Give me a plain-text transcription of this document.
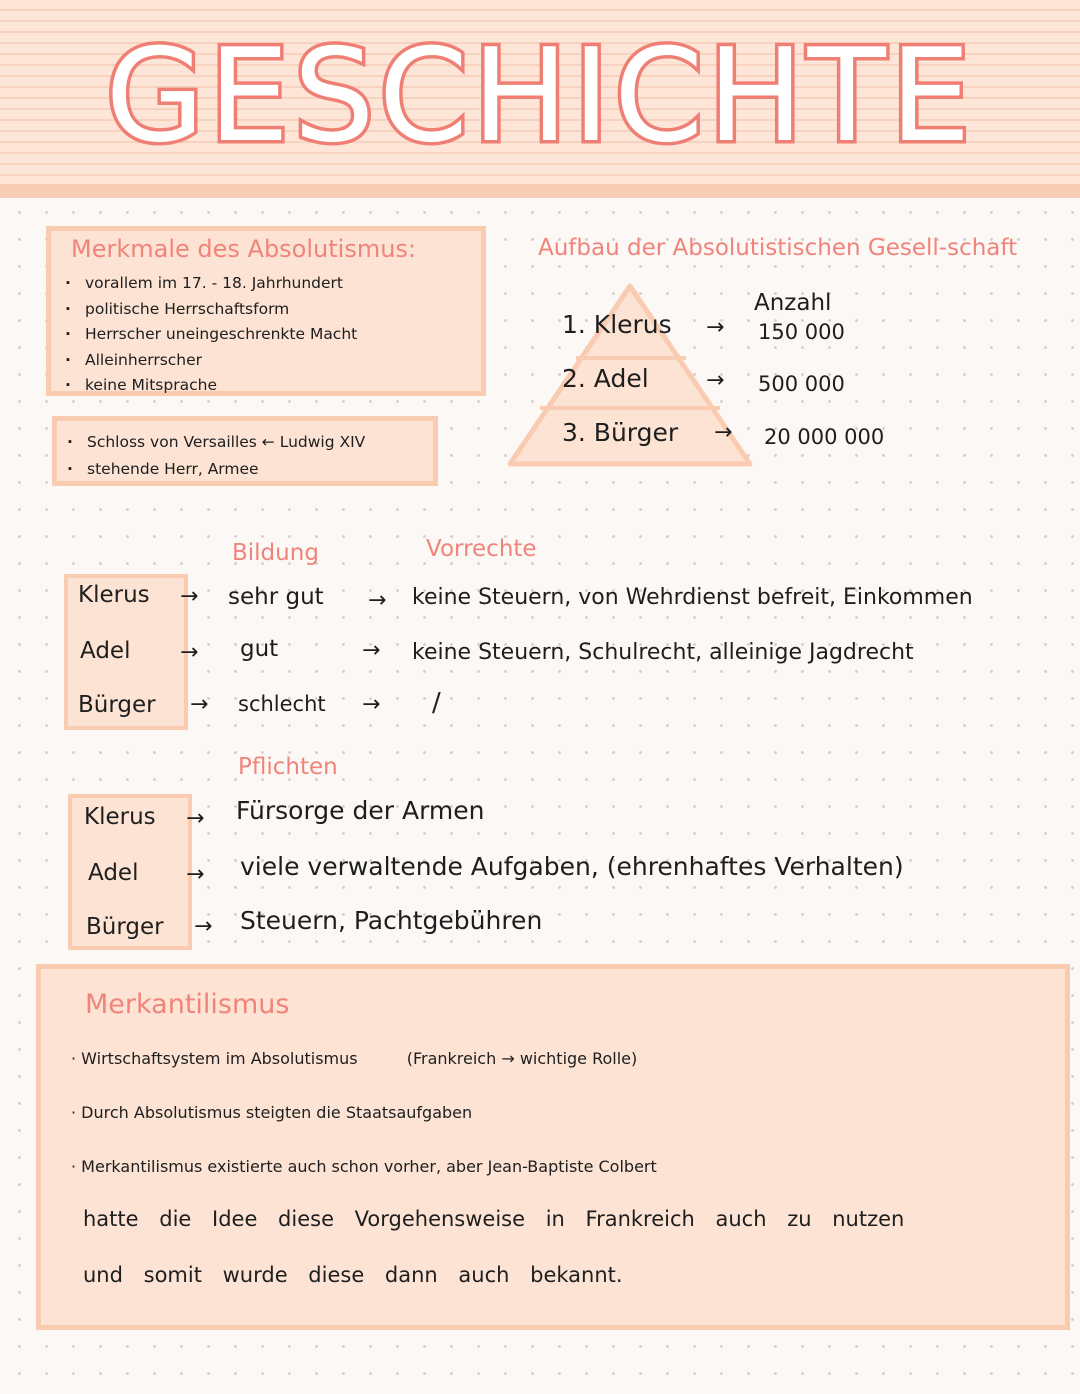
GESCHICHTE
Merkmale des Absolutismus:
· vorallem im 17. - 18. Jahrhundert
· politische Herrschaftsform
· Herrscher uneingeschrenkte Macht
· Alleinherrscher
· keine Mitsprache
· Schloss von Versailles ← Ludwig XIV
· stehende Herr, Armee
Aufbau der Absolutistischen Gesell-schaft
Anzahl
1. Klerus → 150 000
2. Adel	→ 500 000
3. Bürger → 20 000 000
Bildung	Vorrechte
Klerus → sehr gut → keine Steuern, von Wehrdienst befreit, Einkommen
Adel → gut	→ keine Steuern, Schulrecht, alleinige Jagdrecht
Bürger → schlecht → /
Pflichten
Klerus → Fürsorge der Armen
Adel → viele verwaltende Aufgaben, (ehrenhaftes Verhalten)
Bürger → Steuern, Pachtgebühren
Merkantilismus
· Wirtschaftsystem im Absolutismus	(Frankreich → wichtige Rolle)
· Durch Absolutismus steigten die Staatsaufgaben
· Merkantilismus existierte auch schon vorher, aber Jean-Baptiste Colbert
hatte die Idee diese Vorgehensweise in Frankreich auch zu nutzen
und somit wurde diese dann auch bekannt.
